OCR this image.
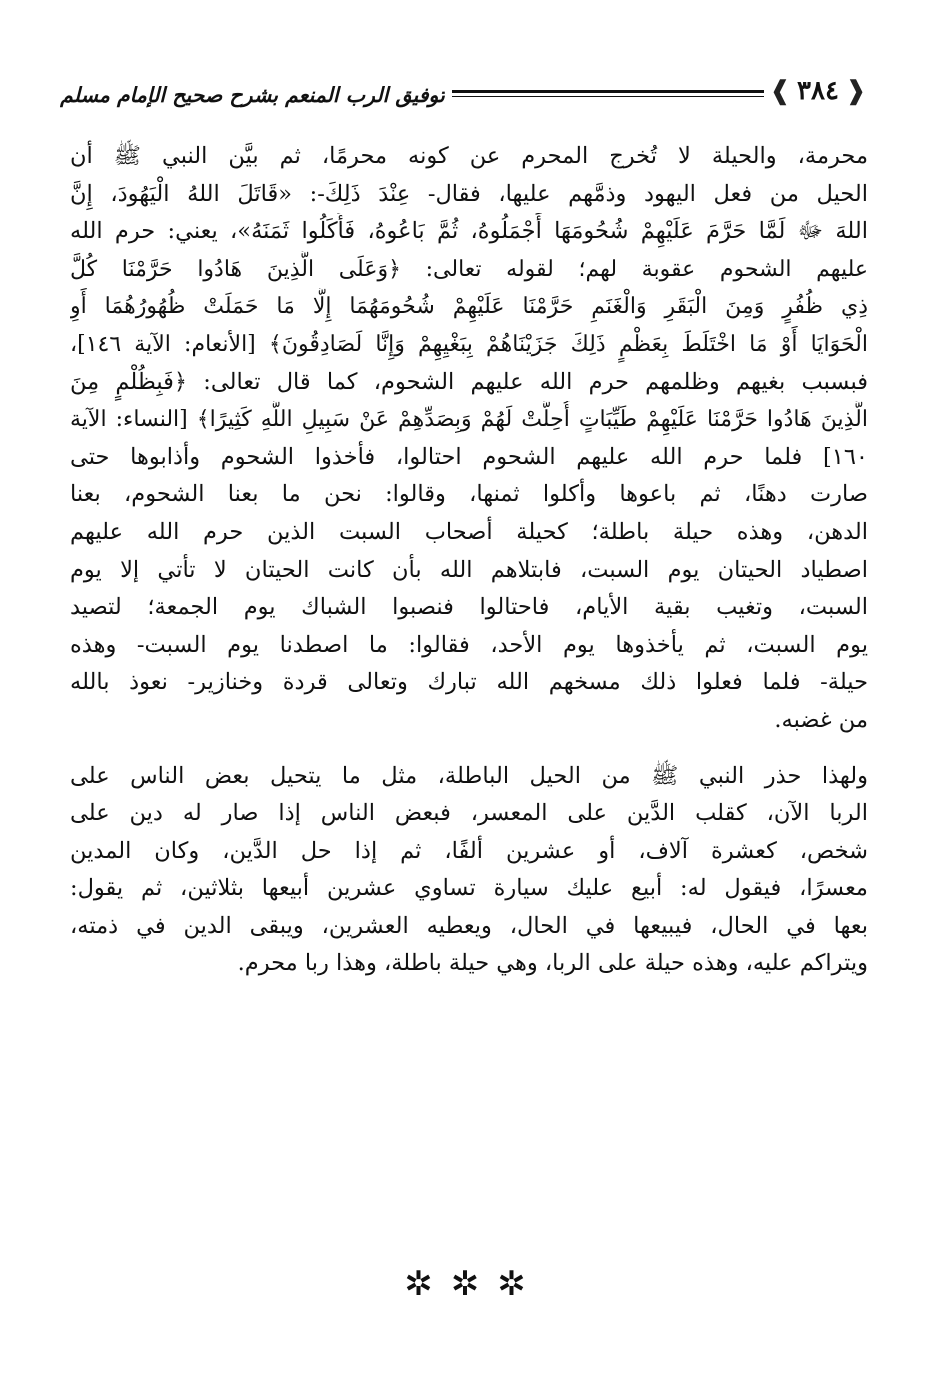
❰ ٣٨٤ ❱
توفيق الرب المنعم بشرح صحيح الإمام مسلم
محرمة، والحيلة لا تُخرج المحرم عن كونه محرمًا، ثم بيَّن النبي ﷺ أن
الحيل من فعل اليهود وذمَّهم عليها، فقال- عِنْدَ ذَلِكَ-: «قَاتَلَ اللهُ الْيَهُودَ، إِنَّ
اللهَ ﷻ لَمَّا حَرَّمَ عَلَيْهِمْ شُحُومَهَا أَجْمَلُوهُ، ثُمَّ بَاعُوهُ، فَأَكَلُوا ثَمَنَهُ»، يعني: حرم الله
عليهم الشحوم عقوبة لهم؛ لقوله تعالى: ﴿وَعَلَى الَّذِينَ هَادُوا حَرَّمْنَا كُلَّ
ذِي ظُفُرٍ وَمِنَ الْبَقَرِ وَالْغَنَمِ حَرَّمْنَا عَلَيْهِمْ شُحُومَهُمَا إِلَّا مَا حَمَلَتْ ظُهُورُهُمَا أَوِ
الْحَوَايَا أَوْ مَا اخْتَلَطَ بِعَظْمٍ ذَلِكَ جَزَيْنَاهُمْ بِبَغْيِهِمْ وَإِنَّا لَصَادِقُونَ﴾ [الأنعام: الآية ١٤٦]،
فبسبب بغيهم وظلمهم حرم الله عليهم الشحوم، كما قال تعالى: ﴿فَبِظُلْمٍ مِنَ
الَّذِينَ هَادُوا حَرَّمْنَا عَلَيْهِمْ طَيِّبَاتٍ أُحِلَّتْ لَهُمْ وَبِصَدِّهِمْ عَنْ سَبِيلِ اللَّهِ كَثِيرًا﴾ [النساء: الآية
١٦٠] فلما حرم الله عليهم الشحوم احتالوا، فأخذوا الشحوم وأذابوها حتى
صارت دهنًا، ثم باعوها وأكلوا ثمنها، وقالوا: نحن ما بعنا الشحوم، بعنا
الدهن، وهذه حيلة باطلة؛ كحيلة أصحاب السبت الذين حرم الله عليهم
اصطياد الحيتان يوم السبت، فابتلاهم الله بأن كانت الحيتان لا تأتي إلا يوم
السبت، وتغيب بقية الأيام، فاحتالوا فنصبوا الشباك يوم الجمعة؛ لتصيد
يوم السبت، ثم يأخذوها يوم الأحد، فقالوا: ما اصطدنا يوم السبت- وهذه
حيلة- فلما فعلوا ذلك مسخهم الله تبارك وتعالى قردة وخنازير- نعوذ بالله
من غضبه.
ولهذا حذر النبي ﷺ من الحيل الباطلة، مثل ما يتحيل بعض الناس على
الربا الآن، كقلب الدَّين على المعسر، فبعض الناس إذا صار له دين على
شخص، كعشرة آلاف، أو عشرين ألفًا، ثم إذا حل الدَّين، وكان المدين
معسرًا، فيقول له: أبيع عليك سيارة تساوي عشرين أبيعها بثلاثين، ثم يقول:
بعها في الحال، فيبيعها في الحال، ويعطيه العشرين، ويبقى الدين في ذمته،
ويتراكم عليه، وهذه حيلة على الربا، وهي حيلة باطلة، وهذا ربا محرم.
✲✲✲
